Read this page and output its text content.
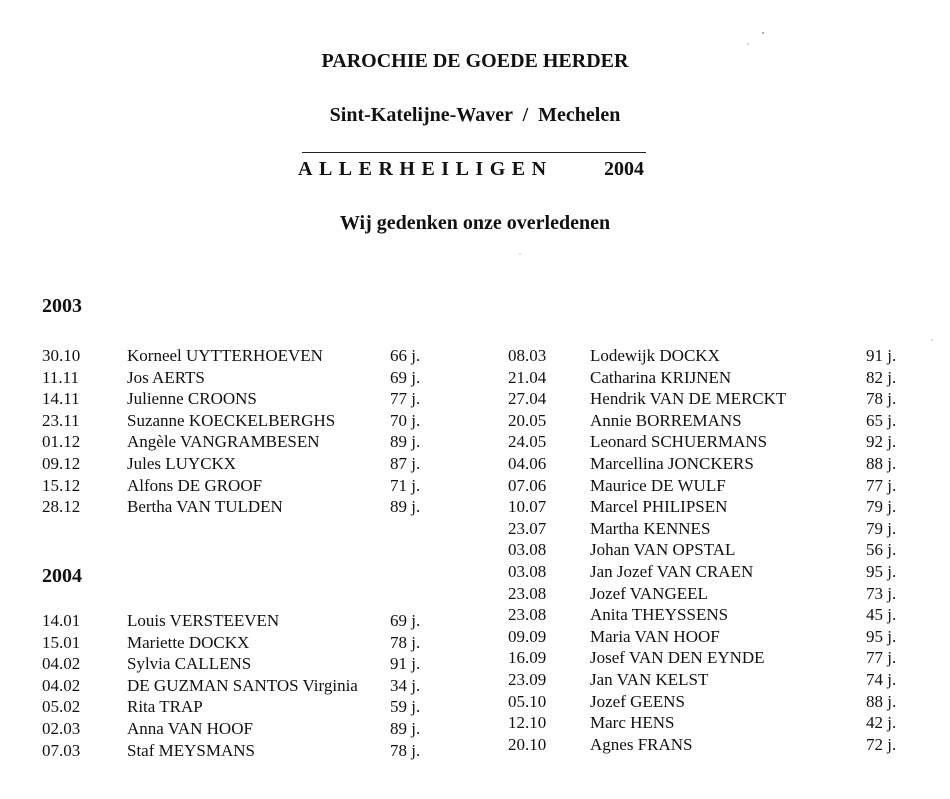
PAROCHIE DE GOEDE HERDER
Sint-Katelijne-Waver  /  Mechelen
ALLERHEILIGEN	2004
Wij gedenken onze overledenen
2003
30.10	Korneel UYTTERHOEVEN	66 j.
11.11	Jos AERTS	69 j.
14.11	Julienne CROONS	77 j.
23.11	Suzanne KOECKELBERGHS	70 j.
01.12	Angèle VANGRAMBESEN	89 j.
09.12	Jules LUYCKX	87 j.
15.12	Alfons DE GROOF	71 j.
28.12	Bertha VAN TULDEN	89 j.
2004
14.01	Louis VERSTEEVEN	69 j.
15.01	Mariette DOCKX	78 j.
04.02	Sylvia CALLENS	91 j.
04.02	DE GUZMAN SANTOS Virginia 34 j.
05.02	Rita TRAP	59 j.
02.03	Anna VAN HOOF	89 j.
07.03	Staf MEYSMANS	78 j.
08.03	Lodewijk DOCKX	91 j.
21.04	Catharina KRIJNEN	82 j.
27.04	Hendrik VAN DE MERCKT	78 j.
20.05	Annie BORREMANS	65 j.
24.05	Leonard SCHUERMANS	92 j.
04.06	Marcellina JONCKERS	88 j.
07.06	Maurice DE WULF	77 j.
10.07	Marcel PHILIPSEN	79 j.
23.07	Martha KENNES	79 j.
03.08	Johan VAN OPSTAL	56 j.
03.08	Jan Jozef VAN CRAEN	95 j.
23.08	Jozef VANGEEL	73 j.
23.08	Anita THEYSSENS	45 j.
09.09	Maria VAN HOOF	95 j.
16.09	Josef VAN DEN EYNDE	77 j.
23.09	Jan VAN KELST	74 j.
05.10	Jozef GEENS	88 j.
12.10	Marc HENS	42 j.
20.10	Agnes FRANS	72 j.
